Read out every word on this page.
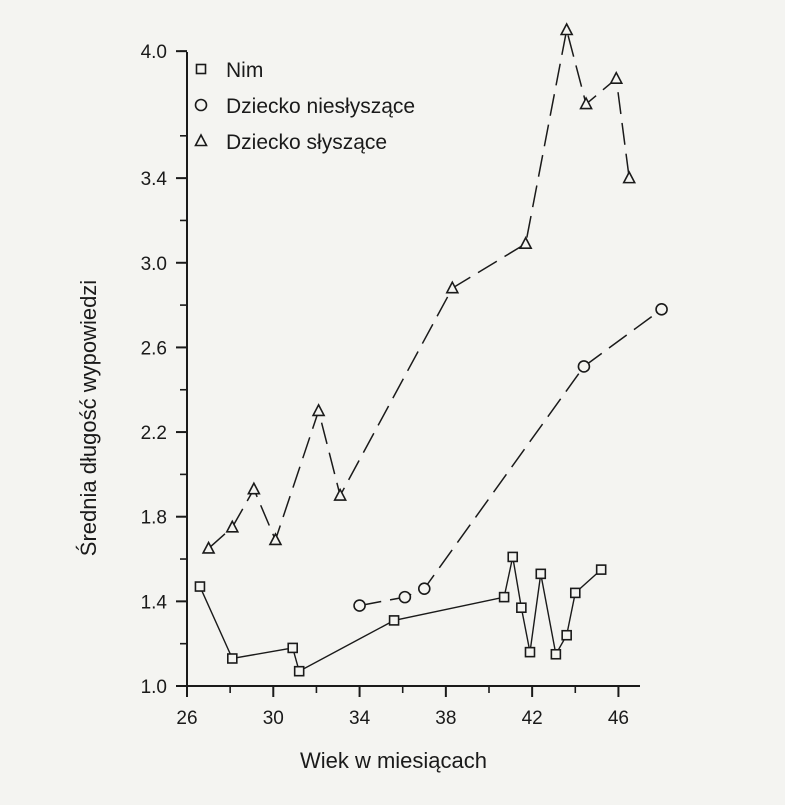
26	30	34	38	42	46
1.0
1.4
1.8
2.2
2.6
3.0
3.4
4.0
Nim
Dziecko niesłyszące
Dziecko słyszące
Wiek w miesiącach
Średnia długość wypowiedzi
